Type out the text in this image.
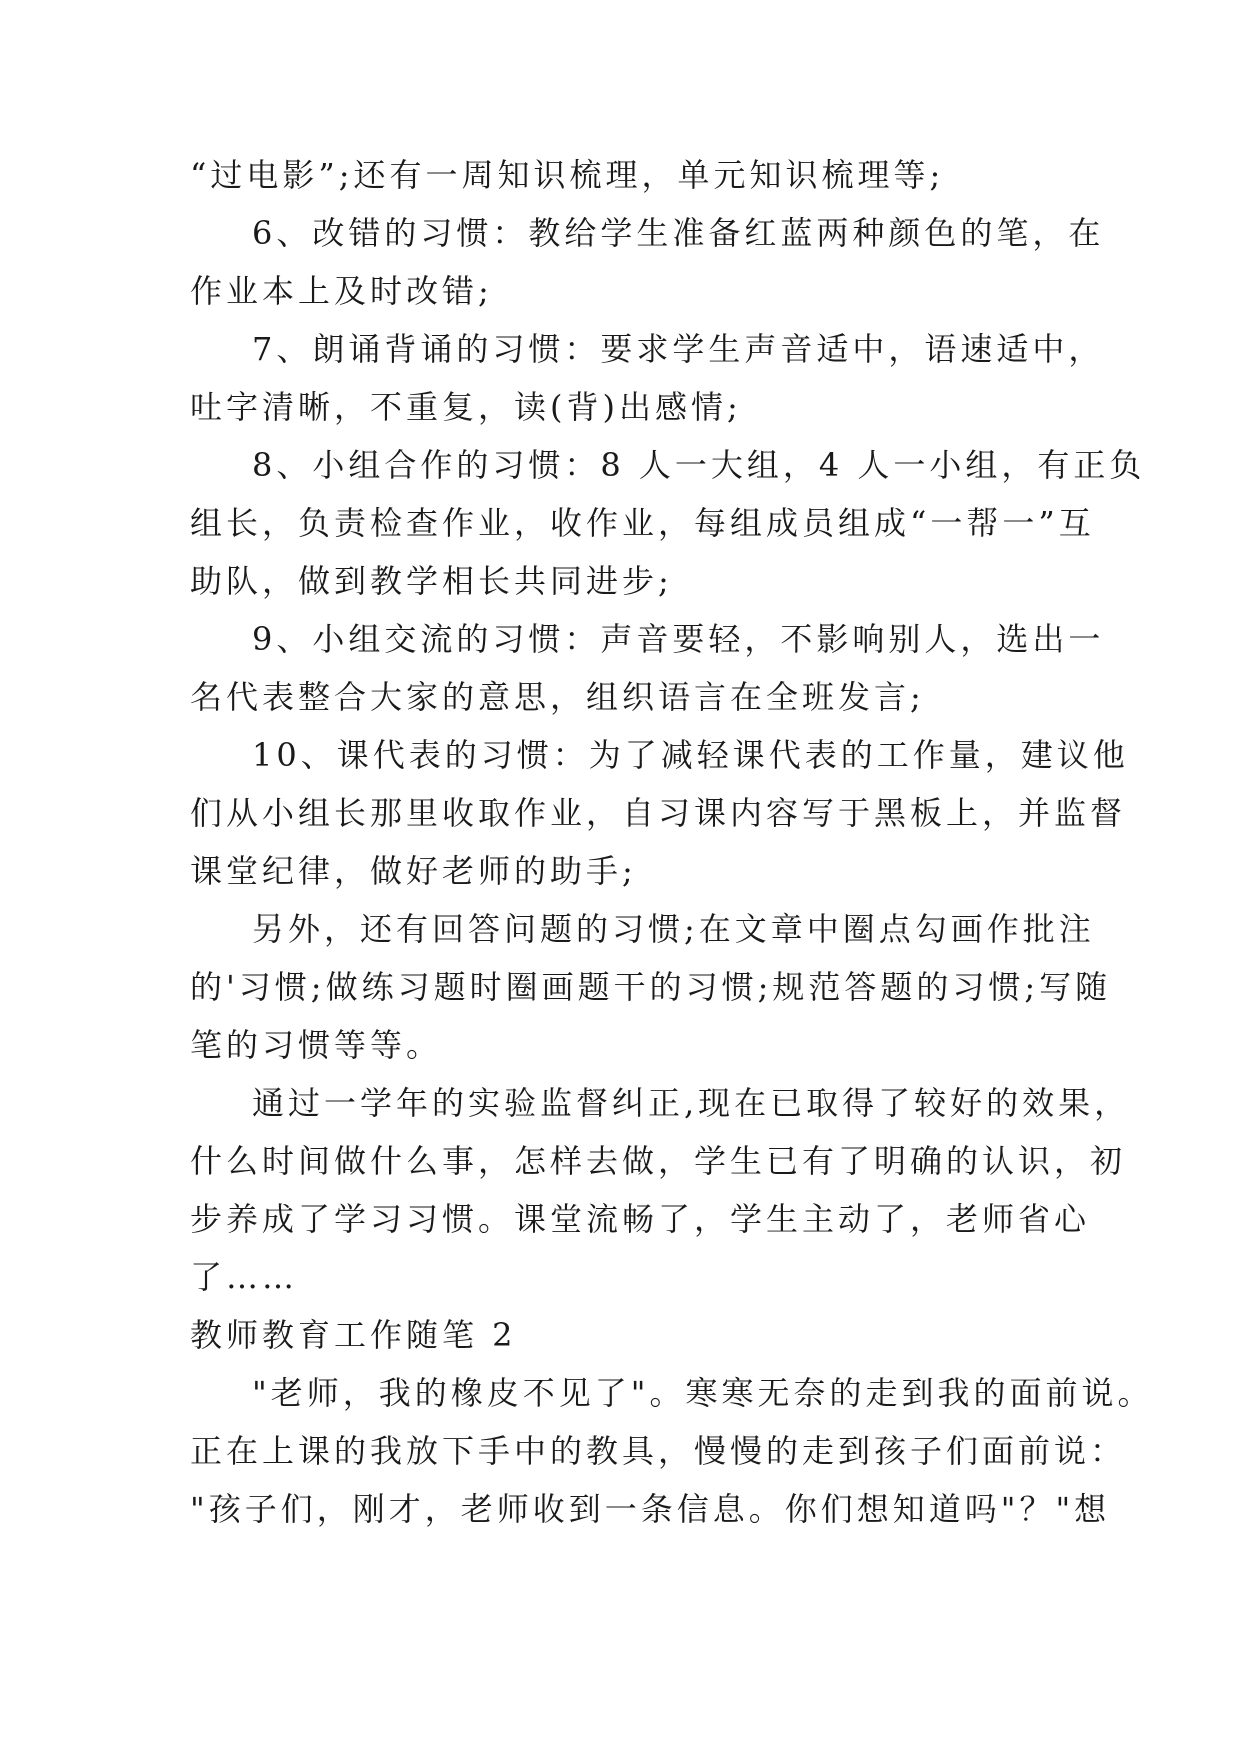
“过电影”;还有一周知识梳理，单元知识梳理等;
6、改错的习惯：教给学生准备红蓝两种颜色的笔，在
作业本上及时改错;
7、朗诵背诵的习惯：要求学生声音适中，语速适中，
吐字清晰，不重复，读(背)出感情;
8、小组合作的习惯：8 人一大组，4 人一小组，有正负
组长，负责检查作业，收作业，每组成员组成“一帮一”互
助队，做到教学相长共同进步;
9、小组交流的习惯：声音要轻，不影响别人，选出一
名代表整合大家的意思，组织语言在全班发言;
10、课代表的习惯：为了减轻课代表的工作量，建议他
们从小组长那里收取作业，自习课内容写于黑板上，并监督
课堂纪律，做好老师的助手;
另外，还有回答问题的习惯;在文章中圈点勾画作批注
的'习惯;做练习题时圈画题干的习惯;规范答题的习惯;写随
笔的习惯等等。
通过一学年的实验监督纠正,现在已取得了较好的效果，
什么时间做什么事，怎样去做，学生已有了明确的认识，初
步养成了学习习惯。课堂流畅了，学生主动了，老师省心
了……
教师教育工作随笔 2
"老师，我的橡皮不见了"。寒寒无奈的走到我的面前说。
正在上课的我放下手中的教具，慢慢的走到孩子们面前说：
"孩子们，刚才，老师收到一条信息。你们想知道吗"？"想
